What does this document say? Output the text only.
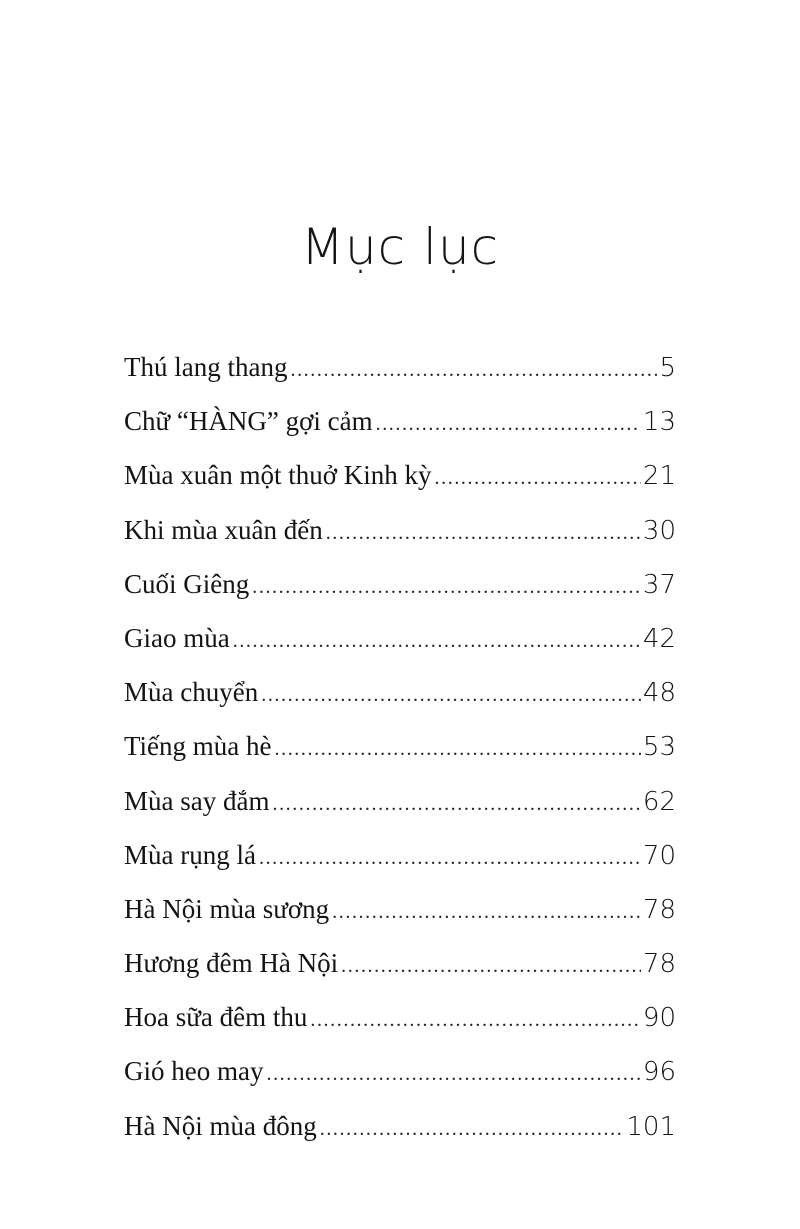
Mục lục
Thú lang thang .....	5
Chữ “HÀNG” gợi cảm .....	13
Mùa xuân một thuở Kinh kỳ .....	21
Khi mùa xuân đến .....	30
Cuối Giêng .....	37
Giao mùa .....	42
Mùa chuyển .....	48
Tiếng mùa hè .....	53
Mùa say đắm .....	62
Mùa rụng lá .....	70
Hà Nội mùa sương .....	78
Hương đêm Hà Nội .....	78
Hoa sữa đêm thu .....	90
Gió heo may .....	96
Hà Nội mùa đông .....	101
